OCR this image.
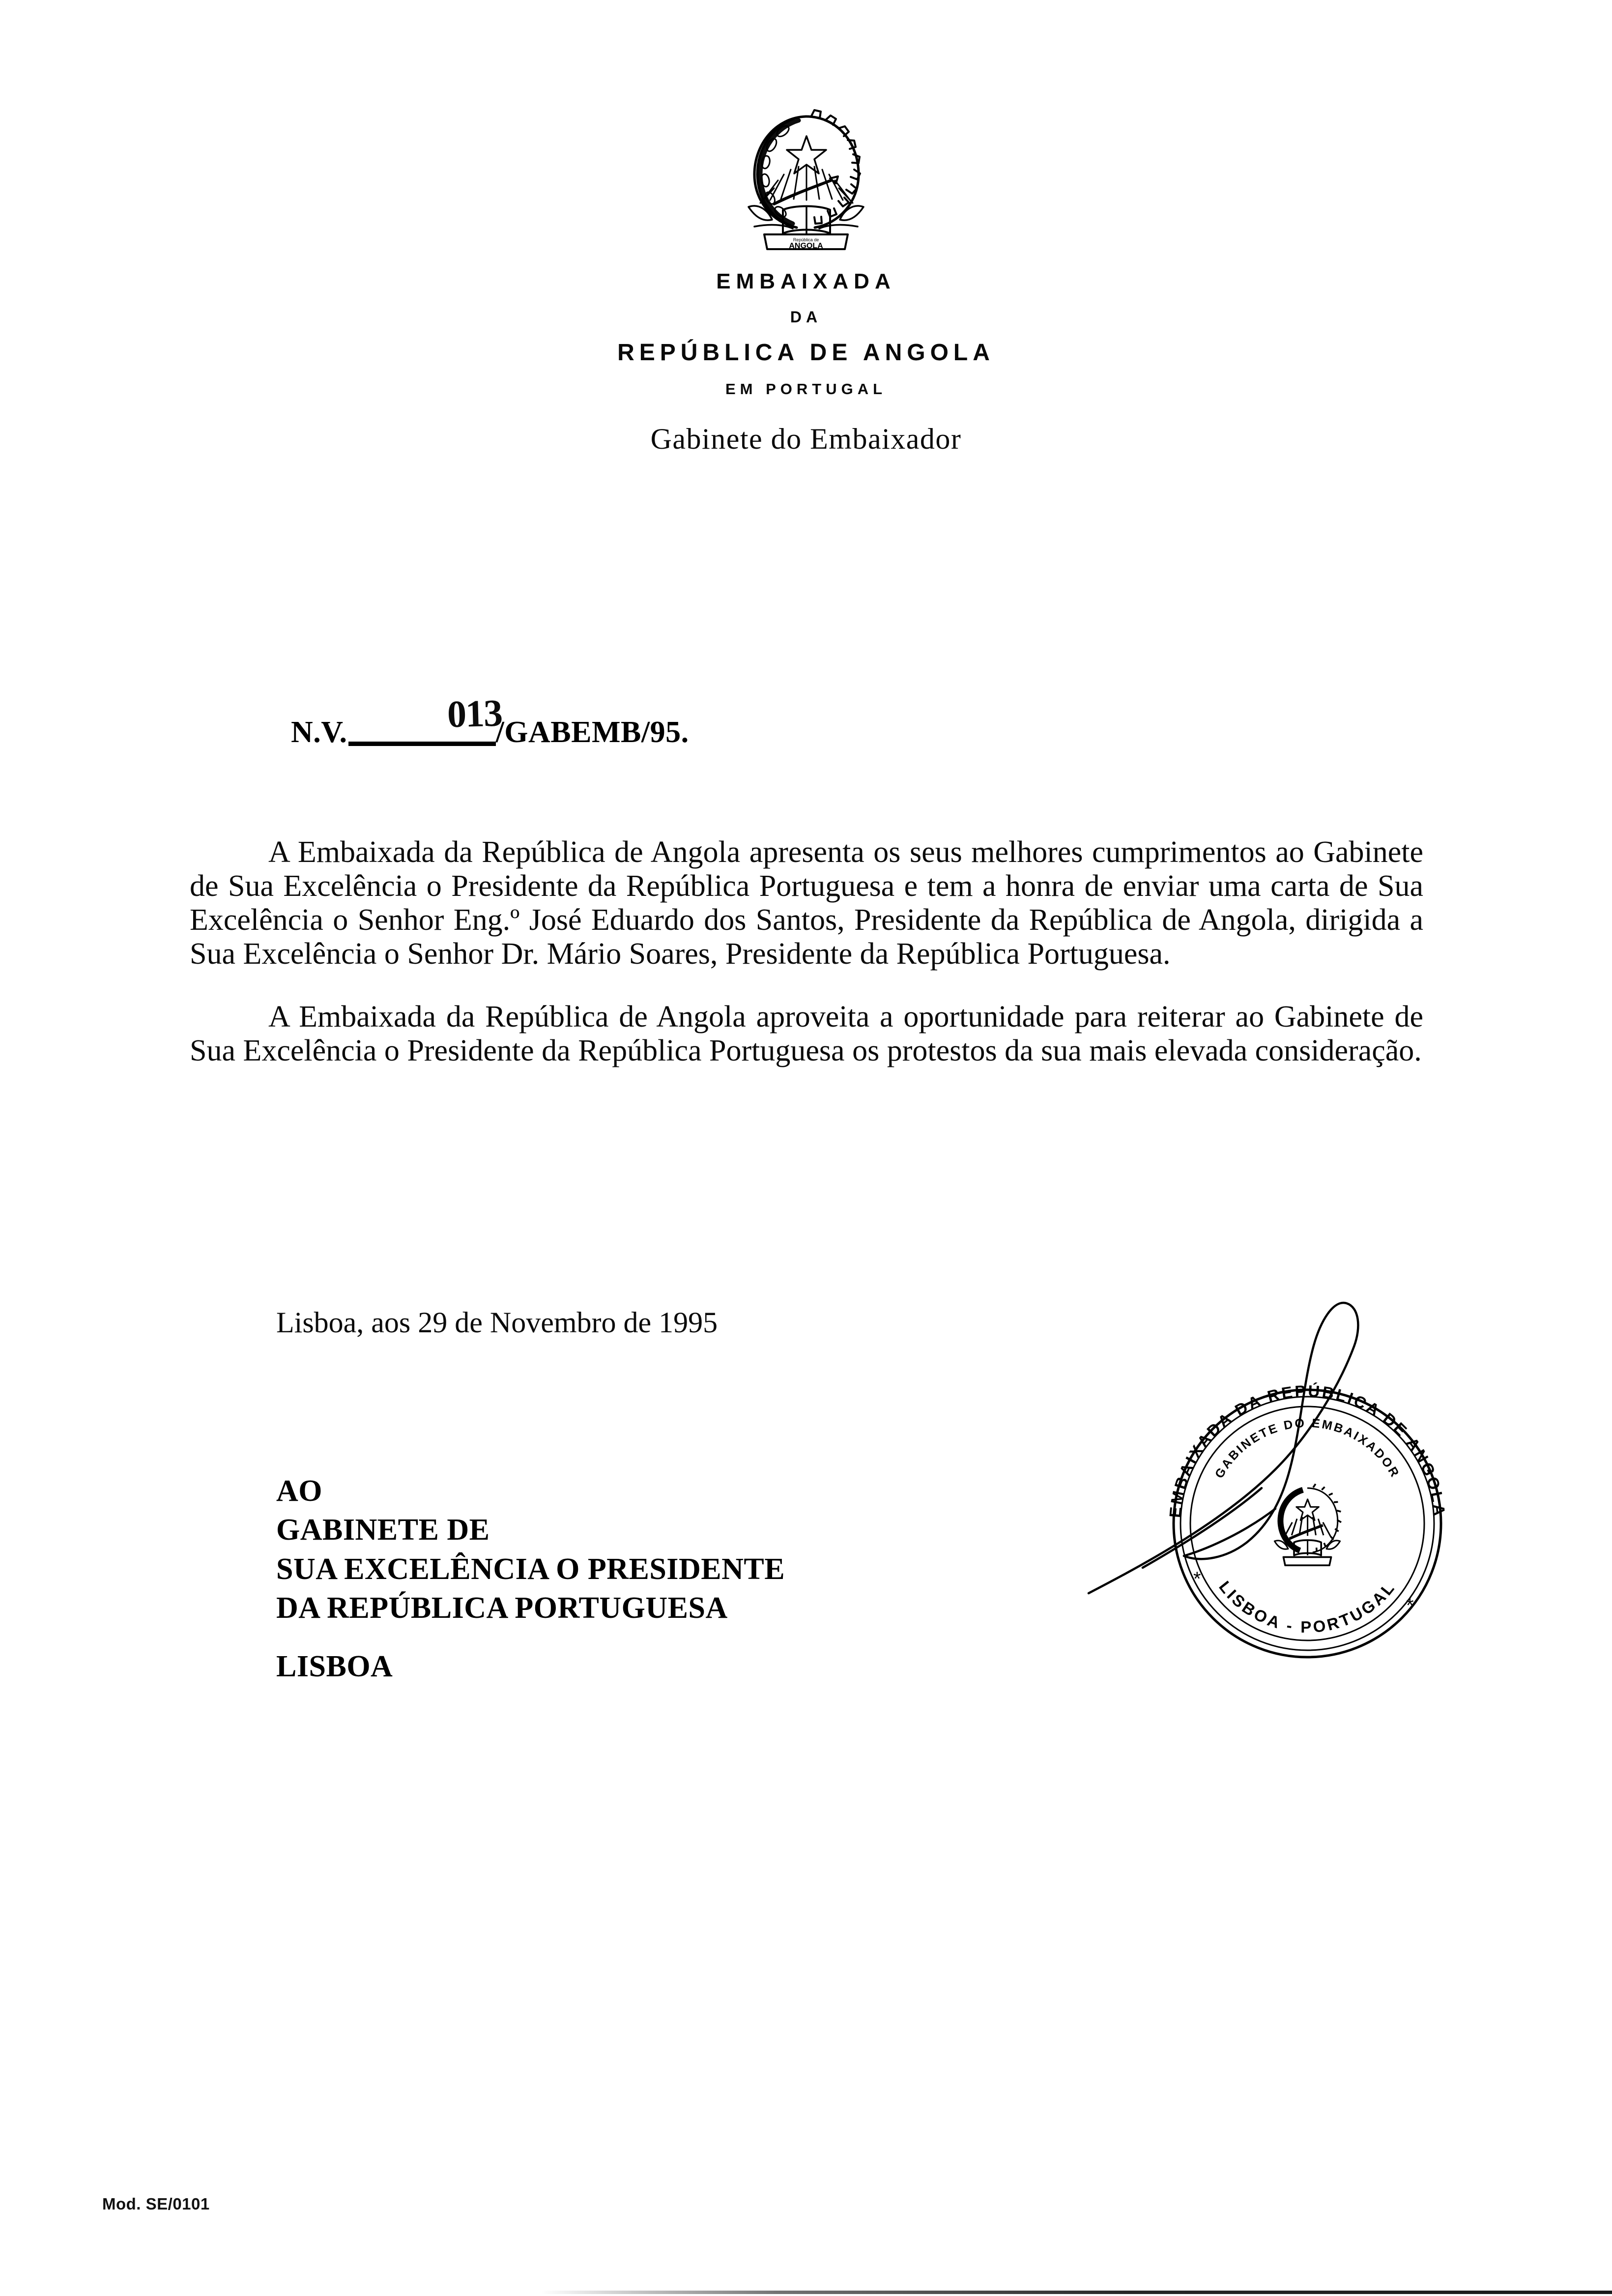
República de
ANGOLA
EMBAIXADA
DA
REPÚBLICA DE ANGOLA
EM PORTUGAL
Gabinete do Embaixador
N.V.	/GABEMB/95.
013

A Embaixada da República de Angola apresenta os seus melhores cumprimentos ao Gabinete de Sua Excelência o Presidente da República Portuguesa e tem a honra de enviar uma carta de Sua Excelência o Senhor Eng.º José Eduardo dos Santos, Presidente da República de Angola, dirigida a Sua Excelência o Senhor Dr. Mário Soares, Presidente da República Portuguesa.

A Embaixada da República de Angola aproveita a oportunidade para reiterar ao Gabinete de Sua Excelência o Presidente da República Portuguesa os protestos da sua mais elevada consideração.

Lisboa, aos 29 de Novembro de 1995
AO
GABINETE DE
SUA EXCELÊNCIA O PRESIDENTE
DA REPÚBLICA PORTUGUESA
LISBOA
EMBAIXADA DA REPÚBLICA DE ANGOLA
GABINETE DO EMBAIXADOR
LISBOA - PORTUGAL
*
*
Mod. SE/0101
